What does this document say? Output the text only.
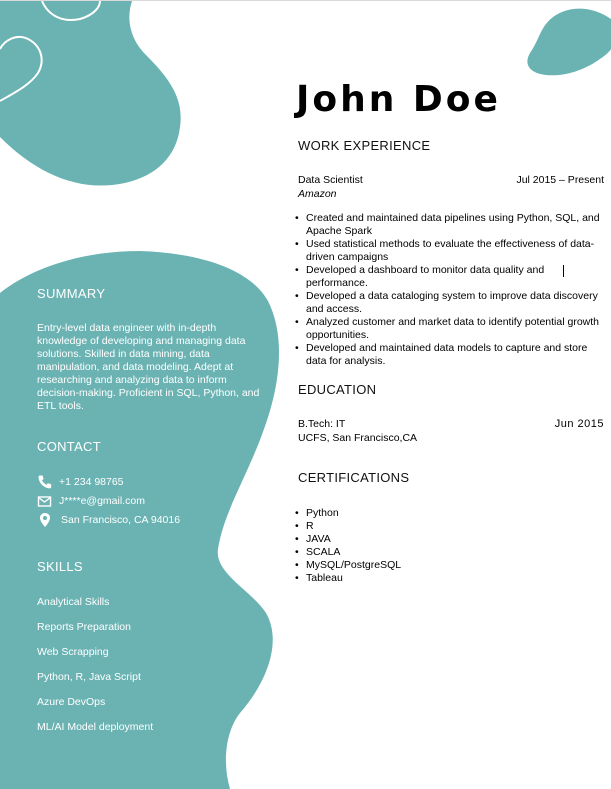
John Doe
SUMMARY
Entry-level data engineer with in-depth knowledge of developing and managing data solutions. Skilled in data mining, data manipulation, and data modeling. Adept at researching and analyzing data to inform decision-making. Proficient in SQL, Python, and ETL tools.
CONTACT
+1 234 98765
J****e@gmail.com
San Francisco, CA 94016
SKILLS
Analytical Skills
Reports Preparation
Web Scrapping
Python, R, Java Script
Azure DevOps
ML/AI Model deployment
WORK EXPERIENCE
Data Scientist	Jul 2015 – Present
Amazon
• Created and maintained data pipelines using Python, SQL, and Apache Spark
• Used statistical methods to evaluate the effectiveness of data-driven campaigns
• Developed a dashboard to monitor data quality and performance.
• Developed a data cataloging system to improve data discovery and access.
• Analyzed customer and market data to identify potential growth opportunities.
• Developed and maintained data models to capture and store data for analysis.
EDUCATION
B.Tech: IT	Jun 2015
UCFS, San Francisco,CA
CERTIFICATIONS
• Python
• R
• JAVA
• SCALA
• MySQL/PostgreSQL
• Tableau
